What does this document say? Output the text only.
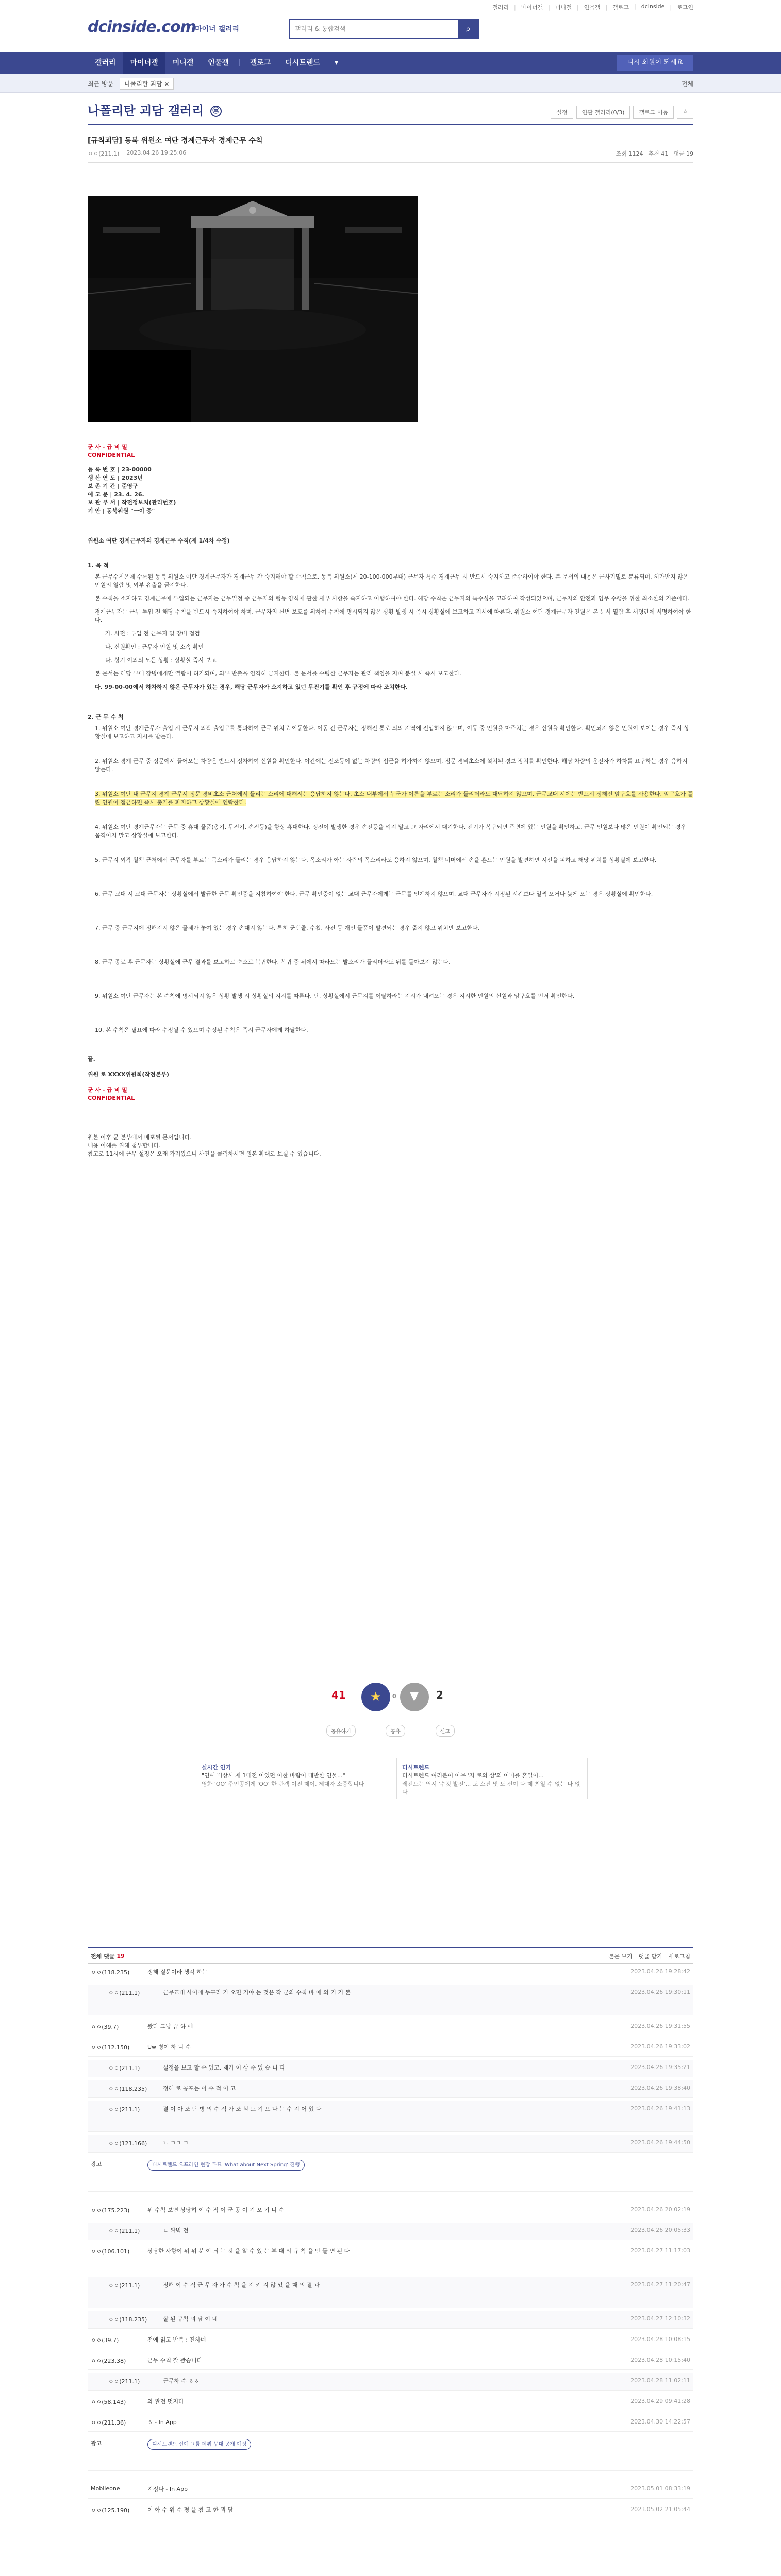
갤러리	| 마이너갤	| 미니갤	| 인물갤	| 갤로그	| dcinside	| 로그인
dcinside.com
마이너 갤러리
갤러리 & 통합검색	⌕
갤러리	마이너갤	미니갤	인물갤	갤로그	디시트렌드	▾	디시 회원이 되세요
최근 방문	나폴리탄 괴담 ×	전체
나폴리탄 괴담 갤러리 ⓜ	설정	연관 갤러리(0/3)	갤로그 이동	☆
[규칙괴담] 동북 위원소 여단 경계근무자 경계근무 수칙
ㅇㅇ(211.1) 2023.04.26 19:25:06	조회 1124 추천 41 댓글 19
군 사 - 급 비 밀
CONFIDENTIAL
등 록 번 호 | 23-00000
생 산 연 도 | 2023년
보 존 기 간 | 준영구
예 고 문 | 23. 4. 26.
보 관 부 서 | 작전정보처(관리번호)
기 안 | 동북위원 "ㅡ이 중"
위원소 여단 경계근무자의 경계근무 수칙(제 1/4차 수정)
1. 목 적
본 근무수칙은에 수록된 동북 위원소 여단 경계근무자가 경계근무 간 숙지해야 할 수칙으로, 동북 위원소(제 20-100-000부대) 근무자 특수 경계근무 시 반드시 숙지하고 준수하여야 한다. 본 문서의 내용은 군사기밀로 분류되며, 허가받지 않은 인원의 열람 및 외부 유출을 금지한다.
본 수칙을 소지하고 경계근무에 투입되는 근무자는 근무일정 중 근무자의 행동 양식에 관한 세부 사항을 숙지하고 이행하여야 한다. 해당 수칙은 근무지의 특수성을 고려하여 작성되었으며, 근무자의 안전과 임무 수행을 위한 최소한의 기준이다.
경계근무자는 근무 투입 전 해당 수칙을 반드시 숙지하여야 하며, 근무자의 신변 보호를 위하여 수칙에 명시되지 않은 상황 발생 시 즉시 상황실에 보고하고 지시에 따른다. 위원소 여단 경계근무자 전원은 본 문서 열람 후 서명란에 서명하여야 한다.
가. 사전 : 투입 전 근무지 및 장비 점검
나. 신원확인 : 근무자 인원 및 소속 확인
다. 상기 이외의 모든 상황 : 상황실 즉시 보고
본 문서는 해당 부대 장병에게만 열람이 허가되며, 외부 반출을 엄격히 금지한다. 본 문서를 수령한 근무자는 관리 책임을 지며 분실 시 즉시 보고한다.
다. 99-00-00에서 하차하지 않은 근무자가 있는 경우, 해당 근무자가 소지하고 있던 무전기를 확인 후 규정에 따라 조치한다.
2. 근 무 수 칙
1. 위원소 여단 경계근무자 출입 시 근무지 외곽 출입구를 통과하여 근무 위치로 이동한다. 이동 간 근무자는 정해진 통로 외의 지역에 진입하지 않으며, 이동 중 인원을 마주치는 경우 신원을 확인한다. 확인되지 않은 인원이 보이는 경우 즉시 상황실에 보고하고 지시를 받는다.
2. 위원소 경계 근무 중 정문에서 들어오는 차량은 반드시 정차하여 신원을 확인한다. 야간에는 전조등이 없는 차량의 접근을 허가하지 않으며, 정문 경비초소에 설치된 경보 장치를 확인한다. 해당 차량의 운전자가 하차를 요구하는 경우 응하지 않는다.
3. 위원소 여단 내 근무지 경계 근무시 정문 경비초소 근처에서 들리는 소리에 대해서는 응답하지 않는다. 초소 내부에서 누군가 이름을 부르는 소리가 들리더라도 대답하지 않으며, 근무교대 시에는 반드시 정해진 암구호를 사용한다. 암구호가 틀린 인원이 접근하면 즉시 총기를 파지하고 상황실에 연락한다.
4. 위원소 여단 경계근무자는 근무 중 휴대 물품(총기, 무전기, 손전등)을 항상 휴대한다. 정전이 발생한 경우 손전등을 켜지 말고 그 자리에서 대기한다. 전기가 복구되면 주변에 있는 인원을 확인하고, 근무 인원보다 많은 인원이 확인되는 경우 움직이지 말고 상황실에 보고한다.
5. 근무지 외곽 철책 근처에서 근무자를 부르는 목소리가 들리는 경우 응답하지 않는다. 목소리가 아는 사람의 목소리라도 응하지 않으며, 철책 너머에서 손을 흔드는 인원을 발견하면 시선을 피하고 해당 위치를 상황실에 보고한다.
6. 근무 교대 시 교대 근무자는 상황실에서 발급한 근무 확인증을 지참하여야 한다. 근무 확인증이 없는 교대 근무자에게는 근무를 인계하지 않으며, 교대 근무자가 지정된 시간보다 일찍 오거나 늦게 오는 경우 상황실에 확인한다.
7. 근무 중 근무지에 정해지지 않은 물체가 놓여 있는 경우 손대지 않는다. 특히 군번줄, 수첩, 사진 등 개인 물품이 발견되는 경우 줍지 않고 위치만 보고한다.
8. 근무 종료 후 근무자는 상황실에 근무 결과를 보고하고 숙소로 복귀한다. 복귀 중 뒤에서 따라오는 발소리가 들리더라도 뒤를 돌아보지 않는다.
9. 위원소 여단 근무자는 본 수칙에 명시되지 않은 상황 발생 시 상황실의 지시를 따른다. 단, 상황실에서 근무지를 이탈하라는 지시가 내려오는 경우 지시한 인원의 신원과 암구호를 먼저 확인한다.
10. 본 수칙은 필요에 따라 수정될 수 있으며 수정된 수칙은 즉시 근무자에게 하달한다.
끝.
위원 로 XXXX위원회(작전본부)
군 사 - 급 비 밀
CONFIDENTIAL
원본 이후 군 본부에서 배포된 문서입니다.
내용 이해를 위해 첨부합니다.
참고로 11시에 근무 설정은 오래 가져왔으니 사진을 클릭하시면 원본 확대로 보실 수 있습니다.
41 ★ 0 ▼ 2
공유하기	공유	신고
실시간 인기
"연예 비상시 제 1대전 이었던 이한 바람이 대반한 인물..."
영화 'OO' 주인공에게 'OO' 한 관객 이전 제이, 제대자 소중합니다
디시트렌드
디시트렌드 여러분이 아무 '자 로의 삼'의 이미를 흔일이...
레전드는 역시 '수컷 발전'... 도 소진 및 도 신이 다 제 최일 수 없는 나 없다
전체 댓글 19	본문 보기 댓글 닫기 새로고침
ㅇㅇ(118.235)	정해 질문이라 생각 하는	2023.04.26 19:28:42
ㅇㅇ(211.1)	근무교대 사이에 누구라 가 오면 기야 는 것은 작 군의 수칙 바 에 의 기 기 본	2023.04.26 19:30:11
ㅇㅇ(39.7)	왔다 그냥 끝 하 에	2023.04.26 19:31:55
ㅇㅇ(112.150)	Uw 병이 하 니 수	2023.04.26 19:33:02
ㅇㅇ(211.1)	설정을 보고 할 수 있고, 제가 이 상 수 있 습 니 다	2023.04.26 19:35:21
ㅇㅇ(118.235)	정해 로 공포는 이 수 적 이 고	2023.04.26 19:38:40
ㅇㅇ(211.1)	결 이 아 조 단 병 의 수 적 가 조 심 드 기 으 나 는 수 지 어 있 다	2023.04.26 19:41:13
ㅇㅇ(121.166)	ㄴ ㅋㅋ ㅋ	2023.04.26 19:44:50
광고	디시트렌드 오프라인 현장 투표 'What about Next Spring' 진행
ㅇㅇ(175.223)	위 수칙 보면 상당히 이 수 적 이 군 공 이 기 오 기 니 수	2023.04.26 20:02:19
ㅇㅇ(211.1)	ㄴ 완벽 전	2023.04.26 20:05:33
ㅇㅇ(106.101)	상당한 사항이 위 위 분 이 되 는 것 을 알 수 있 는 부 대 의 규 칙 을 만 들 면 된 다	2023.04.27 11:17:03
ㅇㅇ(211.1)	정해 이 수 적 근 무 자 가 수 칙 을 지 키 지 않 았 을 때 의 결 과	2023.04.27 11:20:47
ㅇㅇ(118.235)	잘 된 규칙 괴 담 이 네	2023.04.27 12:10:32
ㅇㅇ(39.7)	전에 읽고 반복 : 진하네	2023.04.28 10:08:15
ㅇㅇ(223.38)	근무 수칙 잘 봤습니다	2023.04.28 10:15:40
ㅇㅇ(211.1)	근무하 수 ㅎㅎ	2023.04.28 11:02:11
ㅇㅇ(58.143)	와 완전 멋지다	2023.04.29 09:41:28
ㅇㅇ(211.36)	ㅎ - In App	2023.04.30 14:22:57
광고	디시트렌드 신예 그룹 데뷔 무대 공개 예정
Mobileone	지정다 - In App	2023.05.01 08:33:19
ㅇㅇ(125.190)	이 아 수 위 수 평 을 참 고 한 괴 담	2023.05.02 21:05:44
